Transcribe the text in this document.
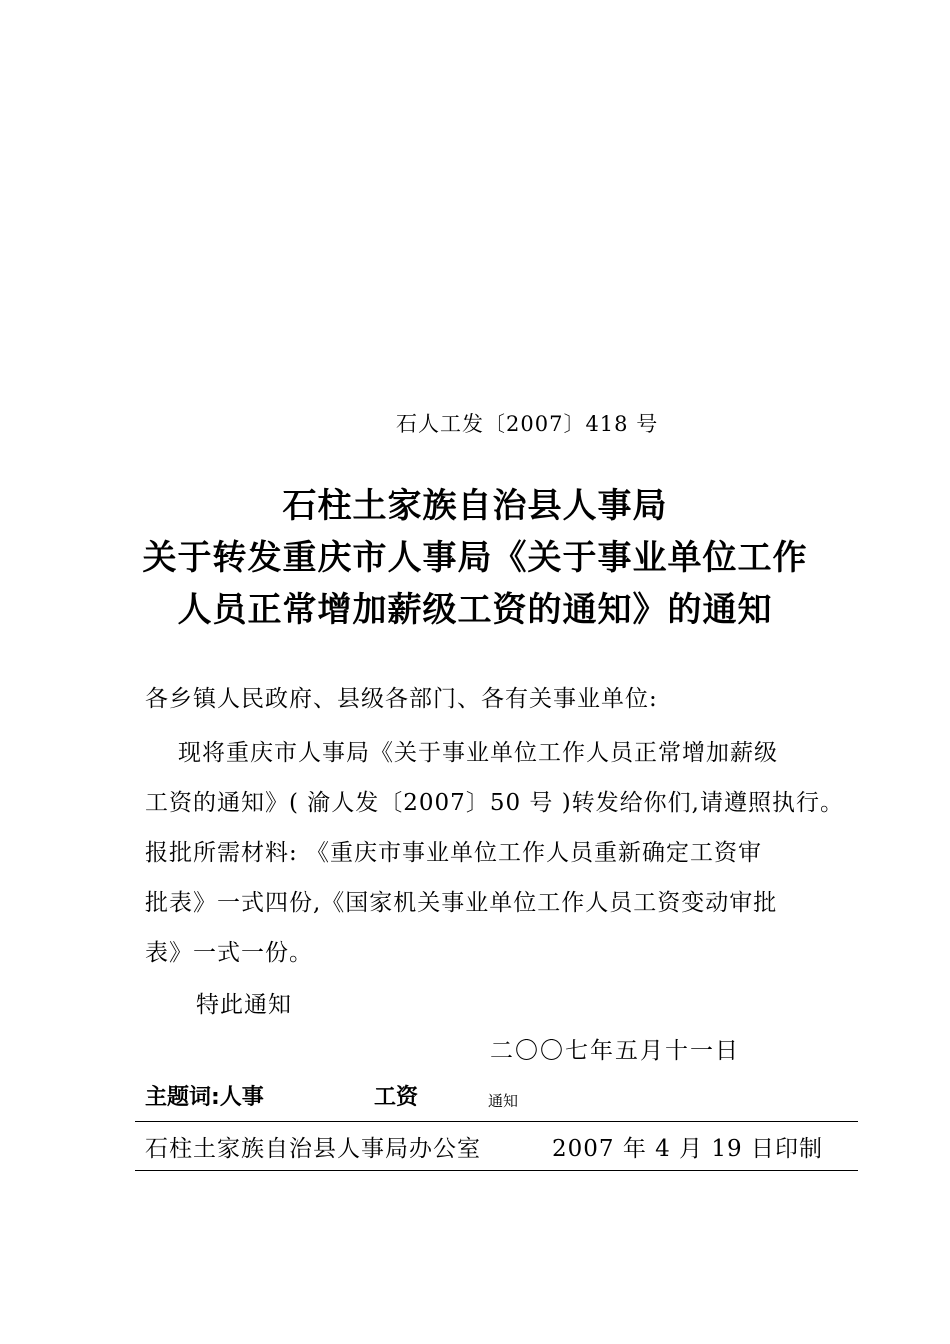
石人工发〔2007〕418 号
石柱土家族自治县人事局
关于转发重庆市人事局《关于事业单位工作
人员正常增加薪级工资的通知》的通知
各乡镇人民政府、县级各部门、各有关事业单位:
现将重庆市人事局《关于事业单位工作人员正常增加薪级
工资的通知》( 渝人发〔2007〕50 号 )转发给你们,请遵照执行。
报批所需材料: 《重庆市事业单位工作人员重新确定工资审
批表》一式四份,《国家机关事业单位工作人员工资变动审批
表》一式一份。
特此通知
二〇〇七年五月十一日
主题词:人事	工资	通知
石柱土家族自治县人事局办公室	2007 年 4 月 19 日印制
